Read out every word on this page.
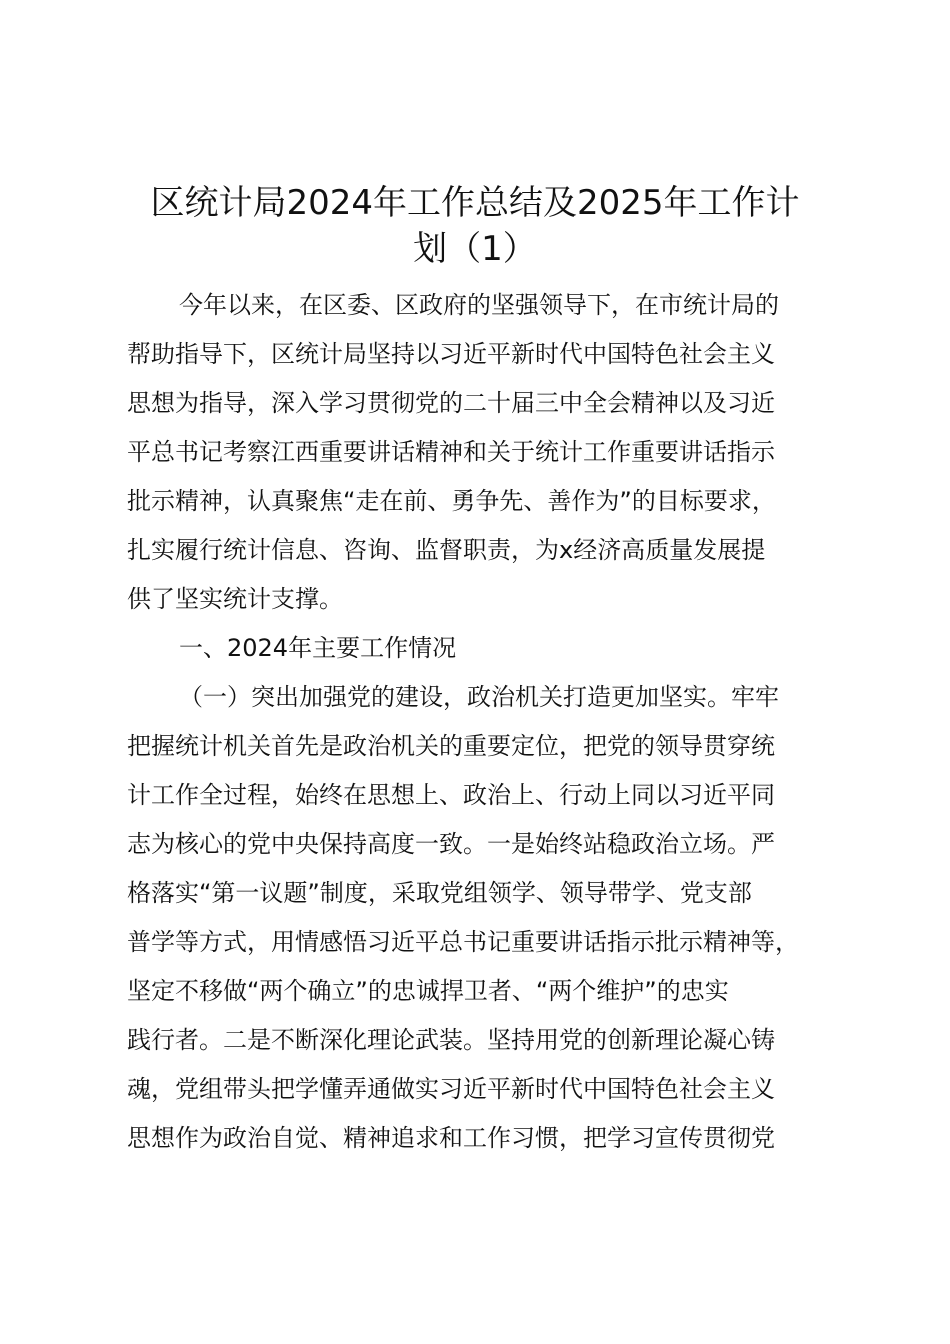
区统计局2024年工作总结及2025年工作计
划（1）
今年以来，在区委、区政府的坚强领导下，在市统计局的
帮助指导下，区统计局坚持以习近平新时代中国特色社会主义
思想为指导，深入学习贯彻党的二十届三中全会精神以及习近
平总书记考察江西重要讲话精神和关于统计工作重要讲话指示
批示精神，认真聚焦“走在前、勇争先、善作为”的目标要求，
扎实履行统计信息、咨询、监督职责，为x经济高质量发展提
供了坚实统计支撑。
一、2024年主要工作情况
（一）突出加强党的建设，政治机关打造更加坚实。牢牢
把握统计机关首先是政治机关的重要定位，把党的领导贯穿统
计工作全过程，始终在思想上、政治上、行动上同以习近平同
志为核心的党中央保持高度一致。一是始终站稳政治立场。严
格落实“第一议题”制度，采取党组领学、领导带学、党支部
普学等方式，用情感悟习近平总书记重要讲话指示批示精神等，
坚定不移做“两个确立”的忠诚捍卫者、“两个维护”的忠实
践行者。二是不断深化理论武装。坚持用党的创新理论凝心铸
魂，党组带头把学懂弄通做实习近平新时代中国特色社会主义
思想作为政治自觉、精神追求和工作习惯，把学习宣传贯彻党
